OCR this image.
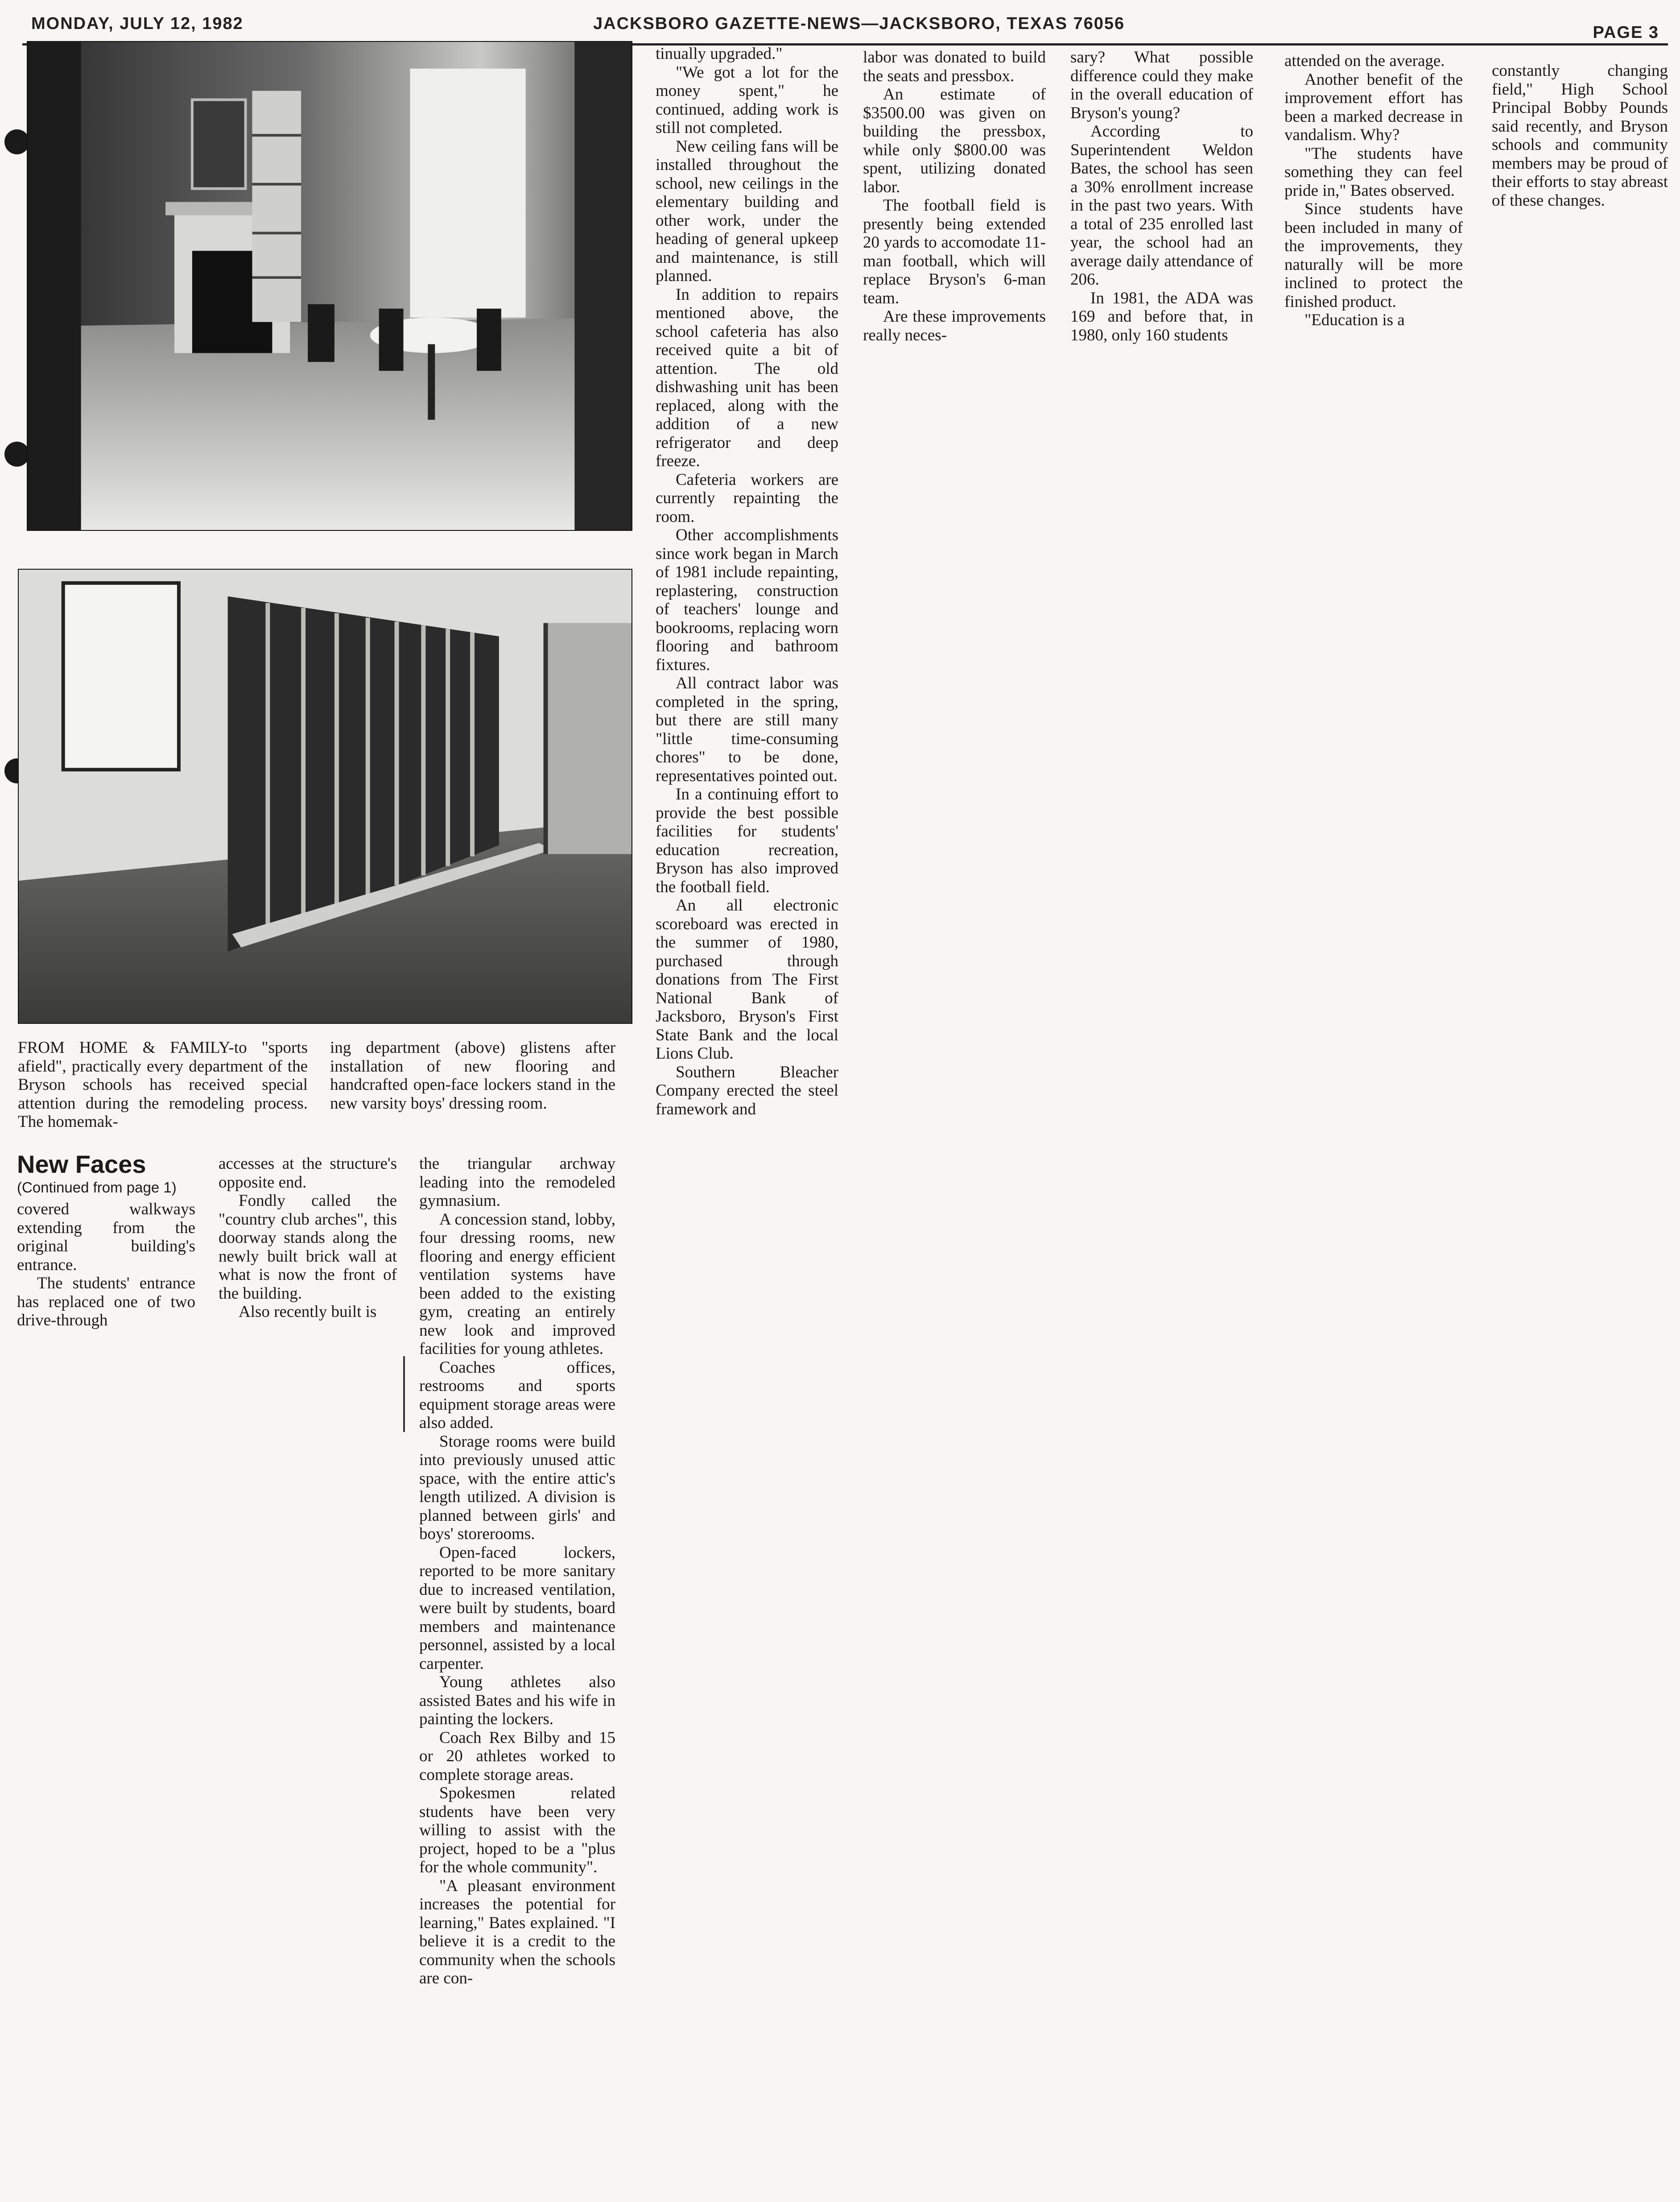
MONDAY, JULY 12, 1982	JACKSBORO GAZETTE-NEWS—JACKSBORO, TEXAS 76056	PAGE 3
FROM HOME & FAMILY-to "sports afield", practically every department of the Bryson schools has received special attention during the remodeling process. The homemak-
ing department (above) glistens after installation of new flooring and handcrafted open-face lockers stand in the new varsity boys' dressing room.
New Faces
(Continued from page 1)

covered walkways extending from the original building's entrance.

The students' entrance has replaced one of two drive-through

accesses at the structure's opposite end.

Fondly called the "country club arches", this doorway stands along the newly built brick wall at what is now the front of the building.

Also recently built is

the triangular archway leading into the remodeled gymnasium.

A concession stand, lobby, four dressing rooms, new flooring and energy efficient ventilation systems have been added to the existing gym, creating an entirely new look and improved facilities for young athletes.

Coaches offices, restrooms and sports equipment storage areas were also added.

Storage rooms were build into previously unused attic space, with the entire attic's length utilized. A division is planned between girls' and boys' storerooms.

Open-faced lockers, reported to be more sanitary due to increased ventilation, were built by students, board members and maintenance personnel, assisted by a local carpenter.

Young athletes also assisted Bates and his wife in painting the lockers.

Coach Rex Bilby and 15 or 20 athletes worked to complete storage areas.

Spokesmen related students have been very willing to assist with the project, hoped to be a "plus for the whole community".

"A pleasant environment increases the potential for learning," Bates explained. "I believe it is a credit to the community when the schools are con-

tinually upgraded."

"We got a lot for the money spent," he continued, adding work is still not completed.

New ceiling fans will be installed throughout the school, new ceilings in the elementary building and other work, under the heading of general upkeep and maintenance, is still planned.

In addition to repairs mentioned above, the school cafeteria has also received quite a bit of attention. The old dishwashing unit has been replaced, along with the addition of a new refrigerator and deep freeze.

Cafeteria workers are currently repainting the room.

Other accomplishments since work began in March of 1981 include repainting, replastering, construction of teachers' lounge and bookrooms, replacing worn flooring and bathroom fixtures.

All contract labor was completed in the spring, but there are still many "little time-consuming chores" to be done, representatives pointed out.

In a continuing effort to provide the best possible facilities for students' education recreation, Bryson has also improved the football field.

An all electronic scoreboard was erected in the summer of 1980, purchased through donations from The First National Bank of Jacksboro, Bryson's First State Bank and the local Lions Club.

Southern Bleacher Company erected the steel framework and

labor was donated to build the seats and pressbox.

An estimate of $3500.00 was given on building the pressbox, while only $800.00 was spent, utilizing donated labor.

The football field is presently being extended 20 yards to accomodate 11-man football, which will replace Bryson's 6-man team.

Are these improvements really neces-

sary? What possible difference could they make in the overall education of Bryson's young?

According to Superintendent Weldon Bates, the school has seen a 30% enrollment increase in the past two years. With a total of 235 enrolled last year, the school had an average daily attendance of 206.

In 1981, the ADA was 169 and before that, in 1980, only 160 students

attended on the average.

Another benefit of the improvement effort has been a marked decrease in vandalism. Why?

"The students have something they can feel pride in," Bates observed.

Since students have been included in many of the improvements, they naturally will be more inclined to protect the finished product.

"Education is a

constantly changing field," High School Principal Bobby Pounds said recently, and Bryson schools and community members may be proud of their efforts to stay abreast of these changes.
